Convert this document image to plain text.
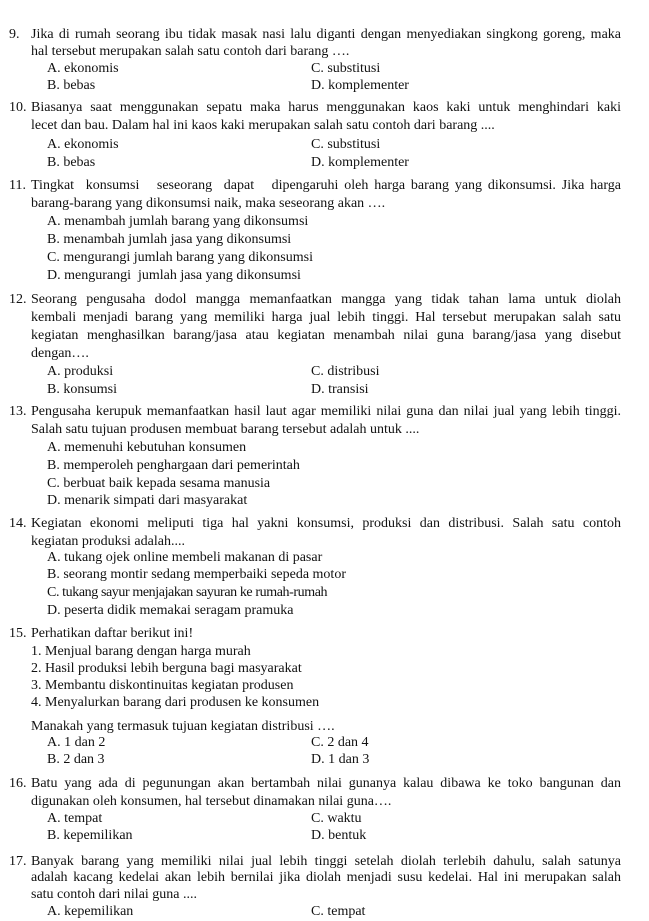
9. Jika di rumah seorang ibu tidak masak nasi lalu diganti dengan menyediakan singkong goreng, maka
hal tersebut merupakan salah satu contoh dari barang ….
A. ekonomis	C. substitusi
B. bebas	D. komplementer
10. Biasanya saat menggunakan sepatu maka harus menggunakan kaos kaki untuk menghindari kaki
lecet dan bau. Dalam hal ini kaos kaki merupakan salah satu contoh dari barang ....
A. ekonomis	C. substitusi
B. bebas	D. komplementer
11. Tingkat  konsumsi   seseorang  dapat   dipengaruhi oleh harga barang yang dikonsumsi. Jika harga
barang-barang yang dikonsumsi naik, maka seseorang akan ….
A. menambah jumlah barang yang dikonsumsi
B. menambah jumlah jasa yang dikonsumsi
C. mengurangi jumlah barang yang dikonsumsi
D. mengurangi  jumlah jasa yang dikonsumsi
12. Seorang pengusaha dodol mangga memanfaatkan mangga yang tidak tahan lama untuk diolah
kembali menjadi barang yang memiliki harga jual lebih tinggi. Hal tersebut merupakan salah satu
kegiatan menghasilkan barang/jasa atau kegiatan menambah nilai guna barang/jasa yang disebut
dengan….
A. produksi	C. distribusi
B. konsumsi	D. transisi
13. Pengusaha kerupuk memanfaatkan hasil laut agar memiliki nilai guna dan nilai jual yang lebih tinggi.
Salah satu tujuan produsen membuat barang tersebut adalah untuk ....
A. memenuhi kebutuhan konsumen
B. memperoleh penghargaan dari pemerintah
C. berbuat baik kepada sesama manusia
D. menarik simpati dari masyarakat
14. Kegiatan ekonomi meliputi tiga hal yakni konsumsi, produksi dan distribusi. Salah satu contoh
kegiatan produksi adalah....
A. tukang ojek online membeli makanan di pasar
B. seorang montir sedang memperbaiki sepeda motor
C. tukang sayur menjajakan sayuran ke rumah-rumah
D. peserta didik memakai seragam pramuka
15. Perhatikan daftar berikut ini!
1. Menjual barang dengan harga murah
2. Hasil produksi lebih berguna bagi masyarakat
3. Membantu diskontinuitas kegiatan produsen
4. Menyalurkan barang dari produsen ke konsumen
Manakah yang termasuk tujuan kegiatan distribusi ….
A. 1 dan 2	C. 2 dan 4
B. 2 dan 3	D. 1 dan 3
16. Batu yang ada di pegunungan akan bertambah nilai gunanya kalau dibawa ke toko bangunan dan
digunakan oleh konsumen, hal tersebut dinamakan nilai guna….
A. tempat	C. waktu
B. kepemilikan	D. bentuk
17. Banyak barang yang memiliki nilai jual lebih tinggi setelah diolah terlebih dahulu, salah satunya
adalah kacang kedelai akan lebih bernilai jika diolah menjadi susu kedelai. Hal ini merupakan salah
satu contoh dari nilai guna ....
A. kepemilikan	C. tempat
